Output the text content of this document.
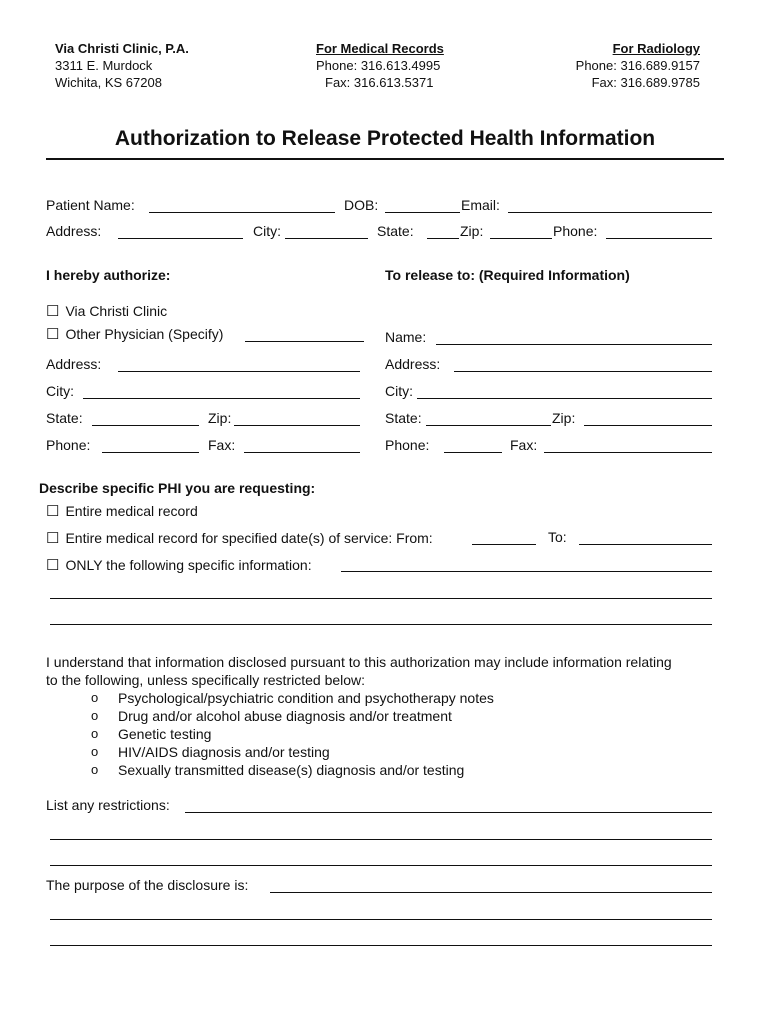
Via Christi Clinic, P.A.
3311 E. Murdock
Wichita, KS 67208
For Medical Records
Phone: 316.613.4995
Fax: 316.613.5371
For Radiology
Phone: 316.689.9157
Fax: 316.689.9785
Authorization to Release Protected Health Information
Patient Name:	DOB:	Email:
Address:	City:	State:	Zip:	Phone:
I hereby authorize:	To release to: (Required Information)
☐ Via Christi Clinic
☐ Other Physician (Specify)
Address:
City:
State:	Zip:
Phone:	Fax:
Name:
Address:
City:
State:	Zip:
Phone:	Fax:
Describe specific PHI you are requesting:
☐ Entire medical record
☐ Entire medical record for specified date(s) of service: From:	To:
☐ ONLY the following specific information:
I understand that information disclosed pursuant to this authorization may include information relating
to the following, unless specifically restricted below:
o Psychological/psychiatric condition and psychotherapy notes
o Drug and/or alcohol abuse diagnosis and/or treatment
o Genetic testing
o HIV/AIDS diagnosis and/or testing
o Sexually transmitted disease(s) diagnosis and/or testing
List any restrictions:
The purpose of the disclosure is:
